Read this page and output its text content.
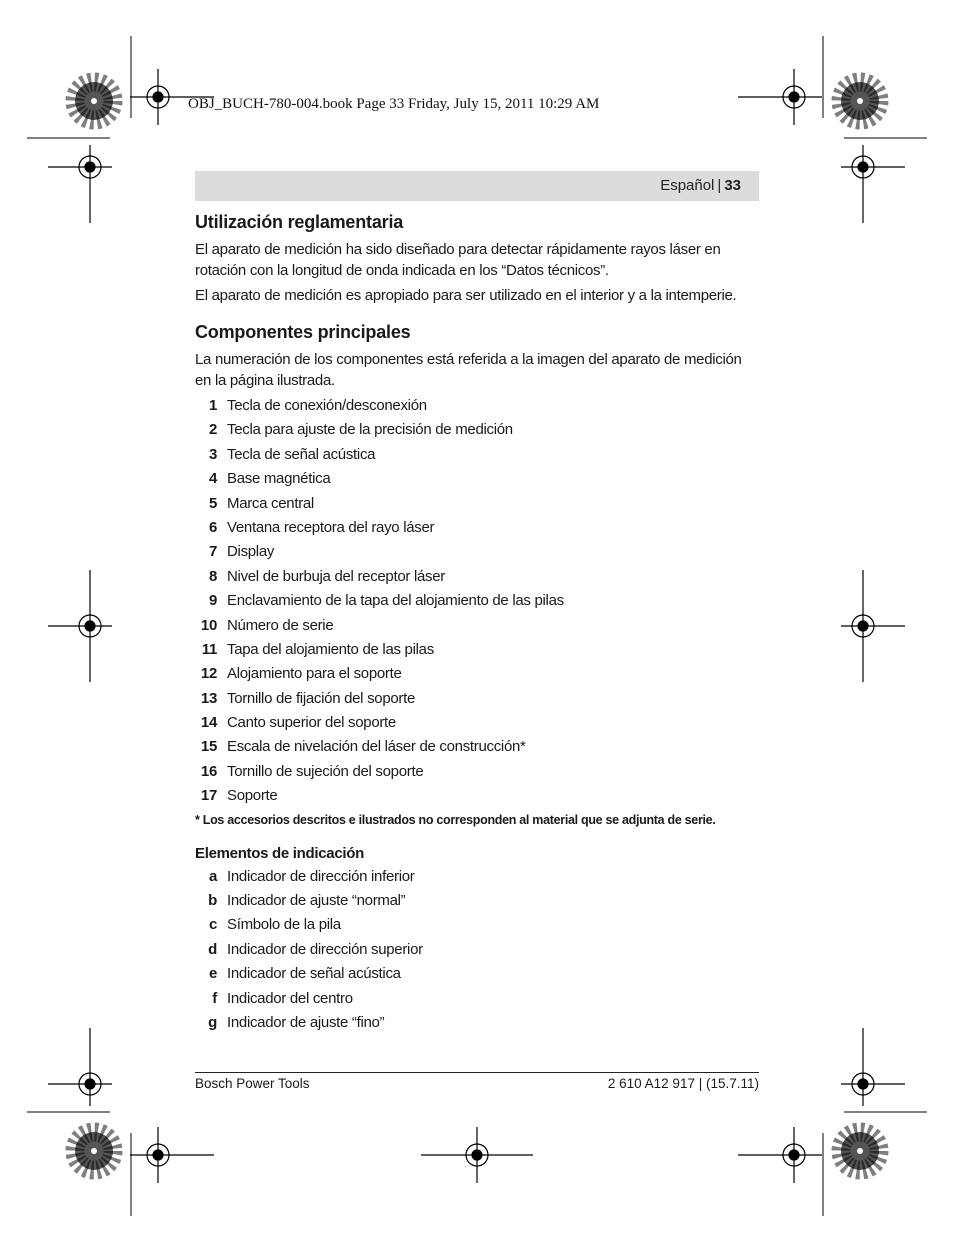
OBJ_BUCH-780-004.book Page 33 Friday, July 15, 2011 10:29 AM
Español | 33
Utilización reglamentaria

El aparato de medición ha sido diseñado para detectar rápidamente rayos láser en rotación con la longitud de onda indicada en los “Datos técnicos”.

El aparato de medición es apropiado para ser utilizado en el interior y a la intemperie.

Componentes principales

La numeración de los componentes está referida a la imagen del aparato de medición en la página ilustrada.

1 Tecla de conexión/desconexión
2 Tecla para ajuste de la precisión de medición
3 Tecla de señal acústica
4 Base magnética
5 Marca central
6 Ventana receptora del rayo láser
7 Display
8 Nivel de burbuja del receptor láser
9 Enclavamiento de la tapa del alojamiento de las pilas
10 Número de serie
11 Tapa del alojamiento de las pilas
12 Alojamiento para el soporte
13 Tornillo de fijación del soporte
14 Canto superior del soporte
15 Escala de nivelación del láser de construcción*
16 Tornillo de sujeción del soporte
17 Soporte
* Los accesorios descritos e ilustrados no corresponden al material que se adjunta de serie.
Elementos de indicación
a Indicador de dirección inferior
b Indicador de ajuste “normal”
c Símbolo de la pila
d Indicador de dirección superior
e Indicador de señal acústica
f Indicador del centro
g Indicador de ajuste “fino”
Bosch Power Tools	2 610 A12 917 | (15.7.11)
